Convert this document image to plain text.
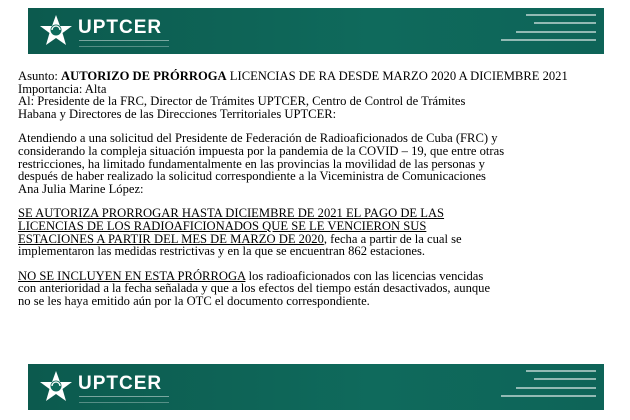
UPTCER

Asunto: AUTORIZO DE PRÓRROGA LICENCIAS DE RA DESDE MARZO 2020 A DICIEMBRE 2021

Importancia: Alta

Al: Presidente de la FRC, Director de Trámites UPTCER, Centro de Control de Trámites

Habana y Directores de las Direcciones Territoriales UPTCER:

Atendiendo a una solicitud del Presidente de Federación de Radioaficionados de Cuba (FRC) y

considerando la compleja situación impuesta por la pandemia de la COVID – 19, que entre otras

restricciones, ha limitado fundamentalmente en las provincias la movilidad de las personas y

después de haber realizado la solicitud correspondiente a la Viceministra de Comunicaciones

Ana Julia Marine López:

SE AUTORIZA PRORROGAR HASTA DICIEMBRE DE 2021 EL PAGO DE LAS

LICENCIAS DE LOS RADIOAFICIONADOS QUE SE LE VENCIERON SUS

ESTACIONES A PARTIR DEL MES DE MARZO DE 2020, fecha a partir de la cual se

implementaron las medidas restrictivas y en la que se encuentran 862 estaciones.

NO SE INCLUYEN EN ESTA PRÓRROGA los radioaficionados con las licencias vencidas

con anterioridad a la fecha señalada y que a los efectos del tiempo están desactivados, aunque

no se les haya emitido aún por la OTC el documento correspondiente.

UPTCER
